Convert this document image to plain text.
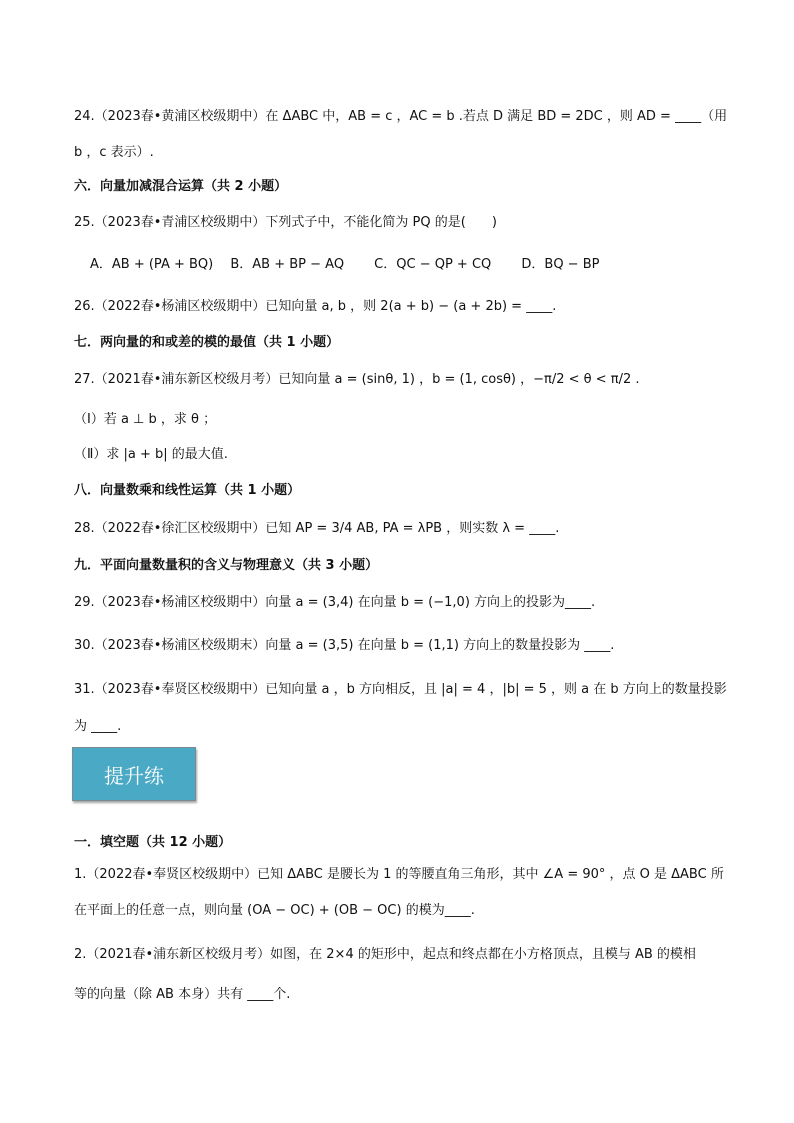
24.（2023春•黄浦区校级期中）在 ΔABC 中，AB = c ，AC = b .若点 D 满足 BD = 2DC ，则 AD = ____（用
b ，c 表示）.
六．向量加减混合运算（共 2 小题）
25.（2023春•青浦区校级期中）下列式子中，不能化简为 PQ 的是(　　)
A．AB + (PA + BQ)　 B．AB + BP − AQ　　 C．QC − QP + CQ　　 D．BQ − BP
26.（2022春•杨浦区校级期中）已知向量 a, b ，则 2(a + b) − (a + 2b) = ____.
七．两向量的和或差的模的最值（共 1 小题）
27.（2021春•浦东新区校级月考）已知向量 a = (sinθ, 1) ，b = (1, cosθ) ，−π/2 < θ < π/2 .
（Ⅰ）若 a ⊥ b ，求 θ ；
（Ⅱ）求 |a + b| 的最大值.
八．向量数乘和线性运算（共 1 小题）
28.（2022春•徐汇区校级期中）已知 AP = 3/4 AB, PA = λPB ，则实数 λ = ____.
九．平面向量数量积的含义与物理意义（共 3 小题）
29.（2023春•杨浦区校级期中）向量 a = (3,4) 在向量 b = (−1,0) 方向上的投影为____.
30.（2023春•杨浦区校级期末）向量 a = (3,5) 在向量 b = (1,1) 方向上的数量投影为 ____.
31.（2023春•奉贤区校级期中）已知向量 a ，b 方向相反，且 |a| = 4 ，|b| = 5 ，则 a 在 b 方向上的数量投影
为 ____.
一．填空题（共 12 小题）
1.（2022春•奉贤区校级期中）已知 ΔABC 是腰长为 1 的等腰直角三角形，其中 ∠A = 90° ，点 O 是 ΔABC 所
在平面上的任意一点，则向量 (OA − OC) + (OB − OC) 的模为____.
2.（2021春•浦东新区校级月考）如图，在 2×4 的矩形中，起点和终点都在小方格顶点，且模与 AB 的模相
等的向量（除 AB 本身）共有 ____个.
提升练
